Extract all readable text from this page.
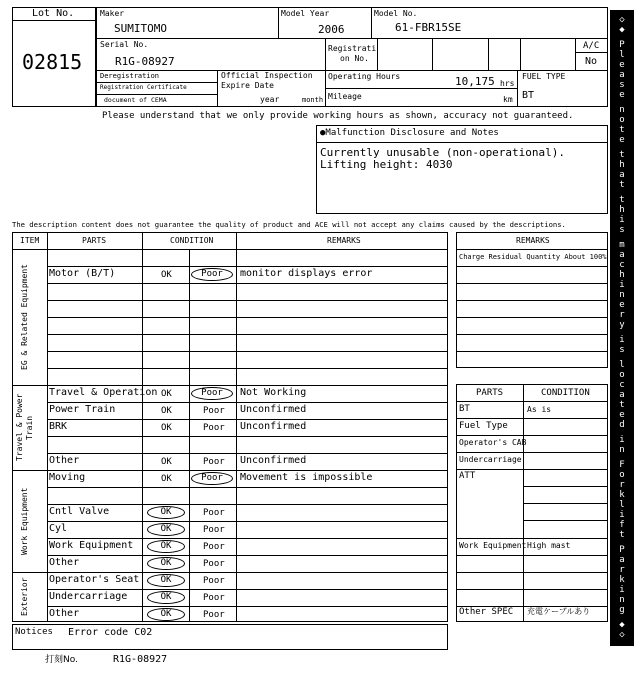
Lot No.
02815
Maker
SUMITOMO
Model Year
2006
Model No.
61-FBR15SE
Serial No.
R1G-08927
Registrati
on No.
A/C
No
Deregistration
Registration Certificate
document of CEMA
Official Inspection
Expire Date
year	month
Operating Hours	10,175 hrs
Mileage	km
FUEL TYPE
BT
Please understand that we only provide working hours as shown, accuracy not guaranteed.
●Malfunction Disclosure and Notes
Currently unusable (non-operational).
Lifting height: 4030
The description content does not guarantee the quality of product and ACE will not accept any claims caused by the descriptions.
ITEM	PARTS	CONDITION	REMARKS
EG & Related Equipment
Travel & Power Train
Work Equipment
Exterior
Motor (B/T)	OK	Poor	monitor displays error
Travel & Operation OK	Poor	Not Working
Power Train	OK	Poor Unconfirmed
BRK	OK	Poor Unconfirmed
Other	OK	Poor Unconfirmed
Moving	OK	Poor	Movement is impossible
Cntl Valve	OK	Poor
Cyl	OK	Poor
Work Equipment	OK	Poor
Other	OK	Poor
Operator's Seat	OK	Poor
Undercarriage	OK	Poor
Other	OK	Poor
REMARKS
Charge Residual Quantity About 100%
PARTS	CONDITION
BT	As is
Fuel Type
Operator's CAB
Undercarriage
ATT
Work Equipment High mast
Other SPEC 充電ケーブルあり
Notices Error code C02
打刻No.	R1G-08927
◇
◆

P
l
e
a
s
e

n
o
t
e

t
h
a
t

t
h
i
s

m
a
c
h
i
n
e
r
y

i
s

l
o
c
a
t
e
d

i
n

F
o
r
k
l
i
f
t

P
a
r
k
i
n
g

◆
◇
